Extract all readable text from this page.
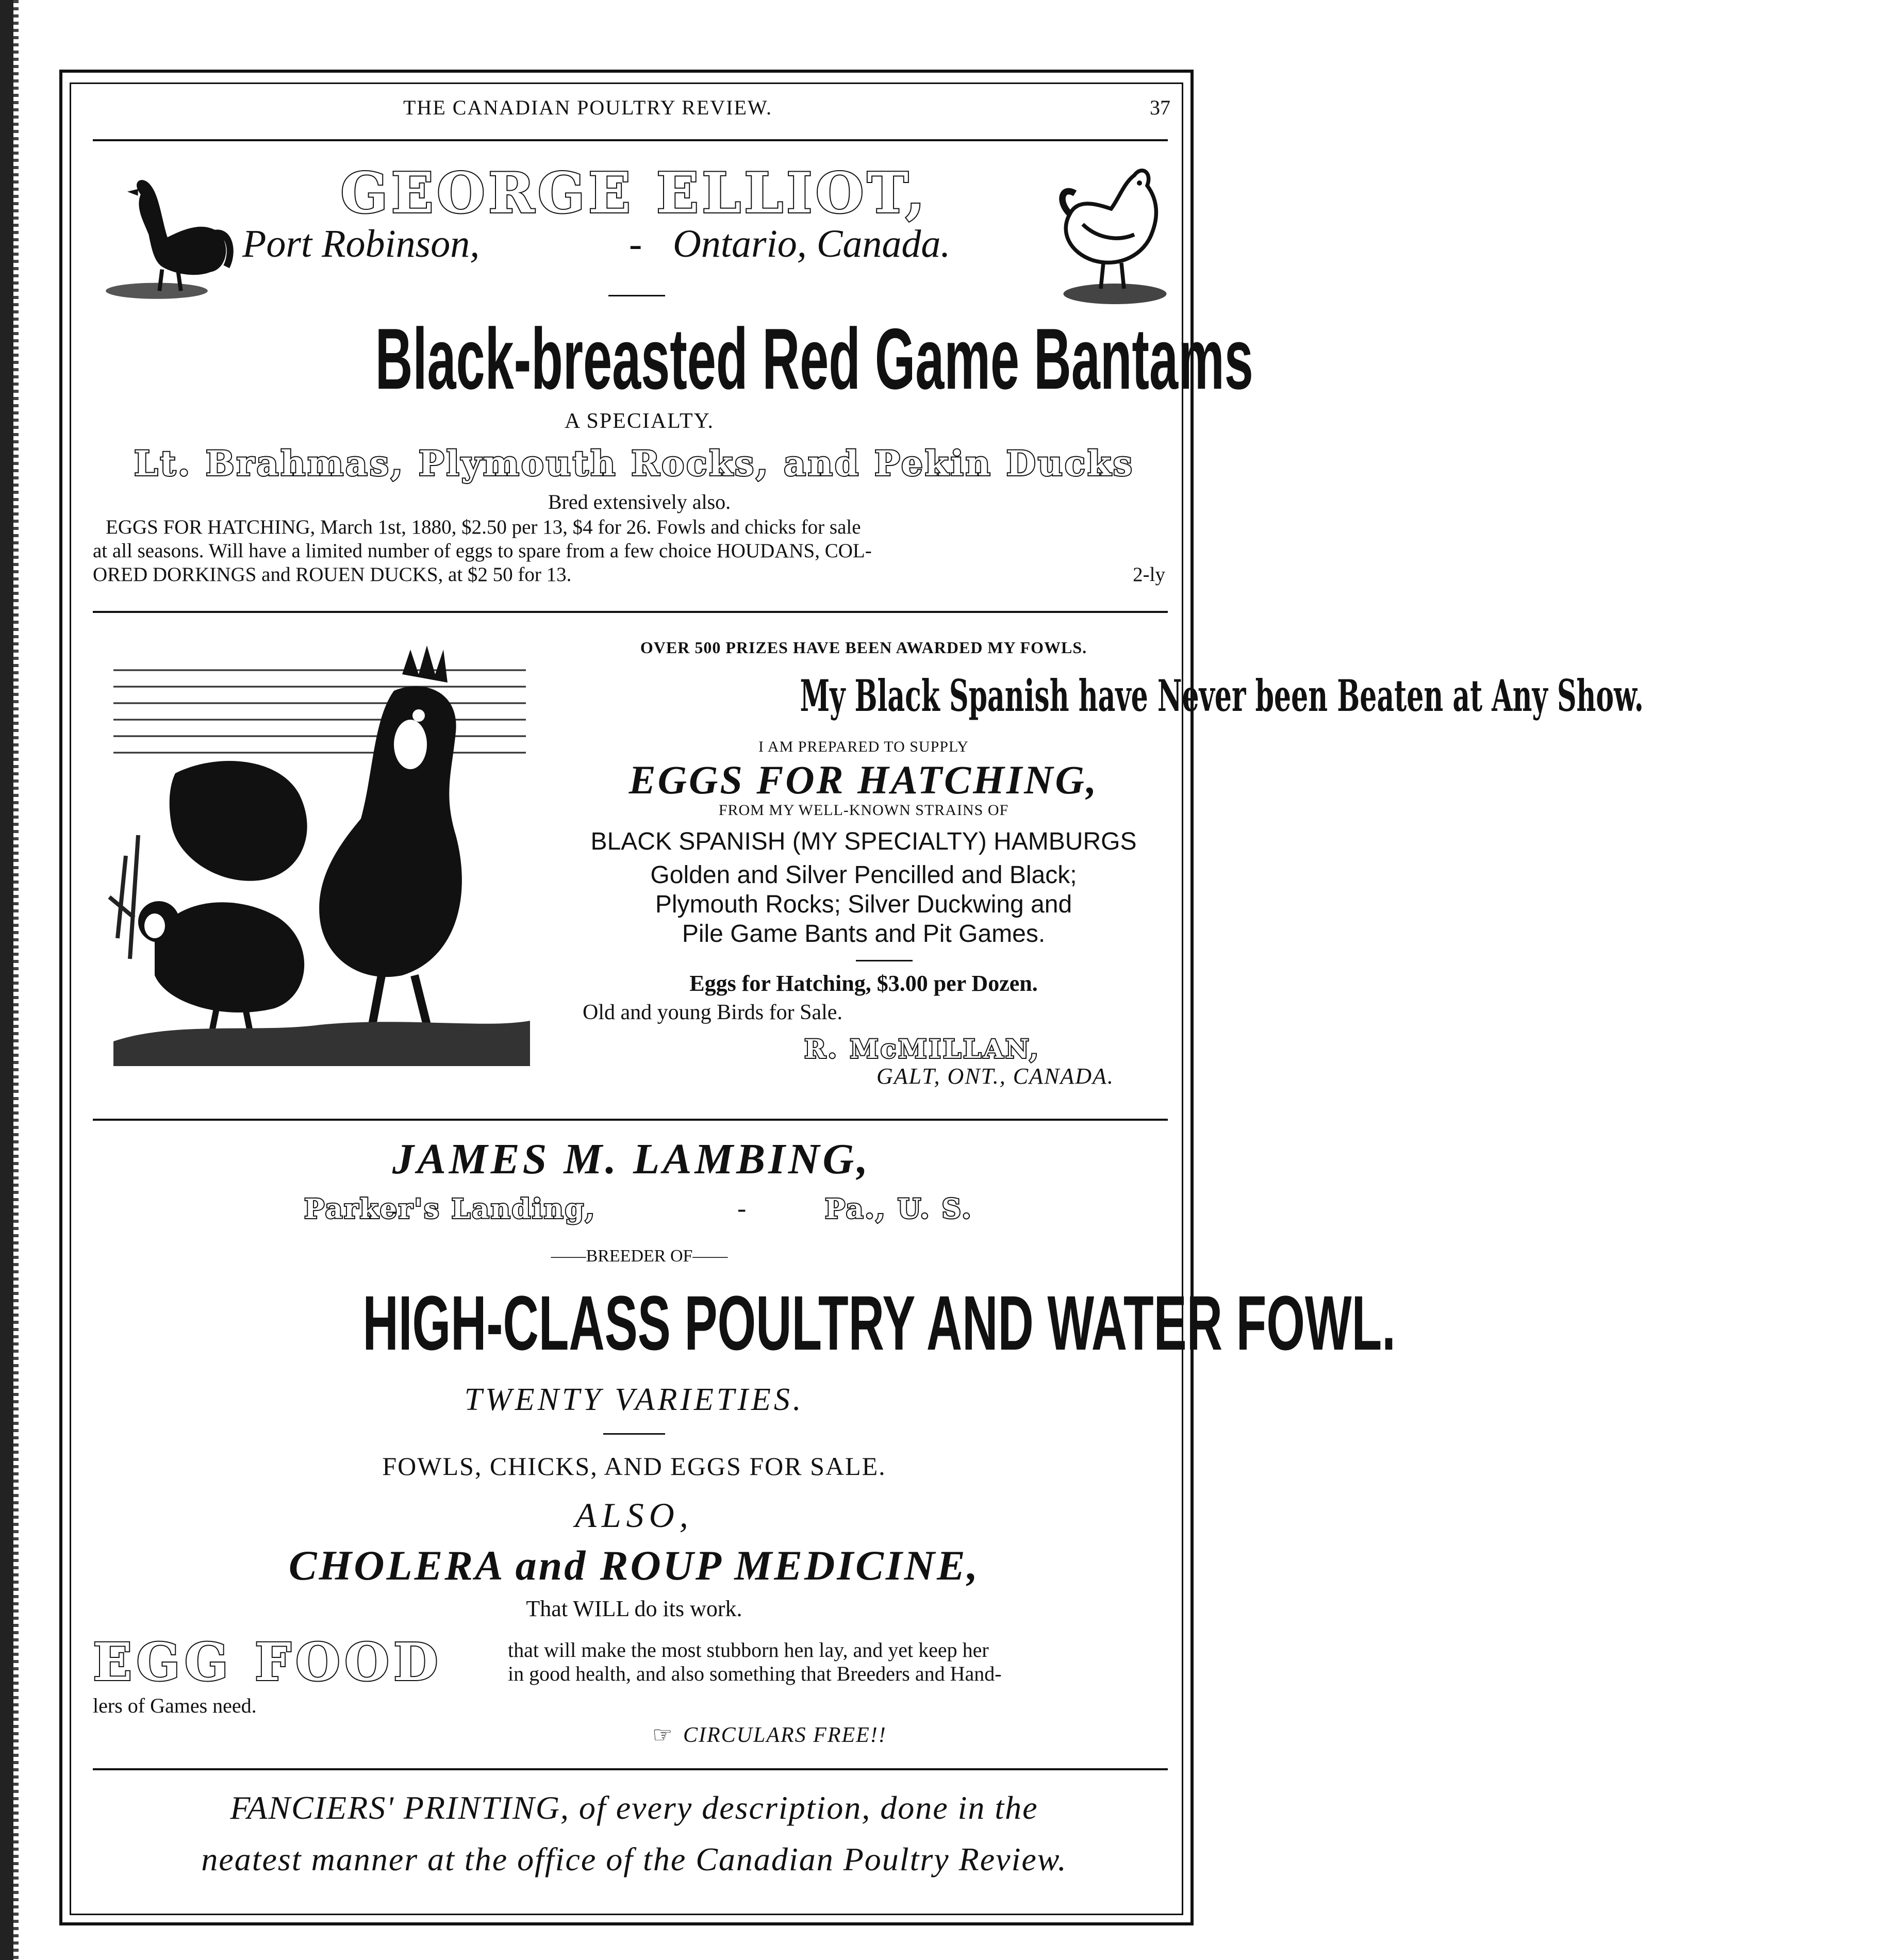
THE CANADIAN POULTRY REVIEW.	37
GEORGE ELLIOT,
Port Robinson,	- Ontario, Canada.
Black-breasted Red Game Bantams
A SPECIALTY.
Lt. Brahmas, Plymouth Rocks, and Pekin Ducks
Bred extensively also.
EGGS FOR HATCHING, March 1st, 1880, $2.50 per 13, $4 for 26. Fowls and chicks for sale
at all seasons. Will have a limited number of eggs to spare from a few choice HOUDANS, COL-
ORED DORKINGS and ROUEN DUCKS, at $2 50 for 13.	2-ly
OVER 500 PRIZES HAVE BEEN AWARDED MY FOWLS.
My Black Spanish have Never been Beaten at Any Show.
I AM PREPARED TO SUPPLY
EGGS FOR HATCHING,
FROM MY WELL-KNOWN STRAINS OF
BLACK SPANISH (MY SPECIALTY) HAMBURGS
Golden and Silver Pencilled and Black;
Plymouth Rocks; Silver Duckwing and
Pile Game Bants and Pit Games.
Eggs for Hatching, $3.00 per Dozen.
Old and young Birds for Sale.
R. McMILLAN,
GALT, ONT., CANADA.
JAMES M. LAMBING,
Parker's Landing,	-	Pa., U. S.
——BREEDER OF——
HIGH-CLASS POULTRY AND WATER FOWL.
TWENTY VARIETIES.
FOWLS, CHICKS, AND EGGS FOR SALE.
ALSO,
CHOLERA and ROUP MEDICINE,
That WILL do its work.
EGG FOOD	that will make the most stubborn hen lay, and yet keep her
in good health, and also something that Breeders and Hand-
lers of Games need.
☞ CIRCULARS FREE!!
FANCIERS' PRINTING, of every description, done in the
neatest manner at the office of the Canadian Poultry Review.
